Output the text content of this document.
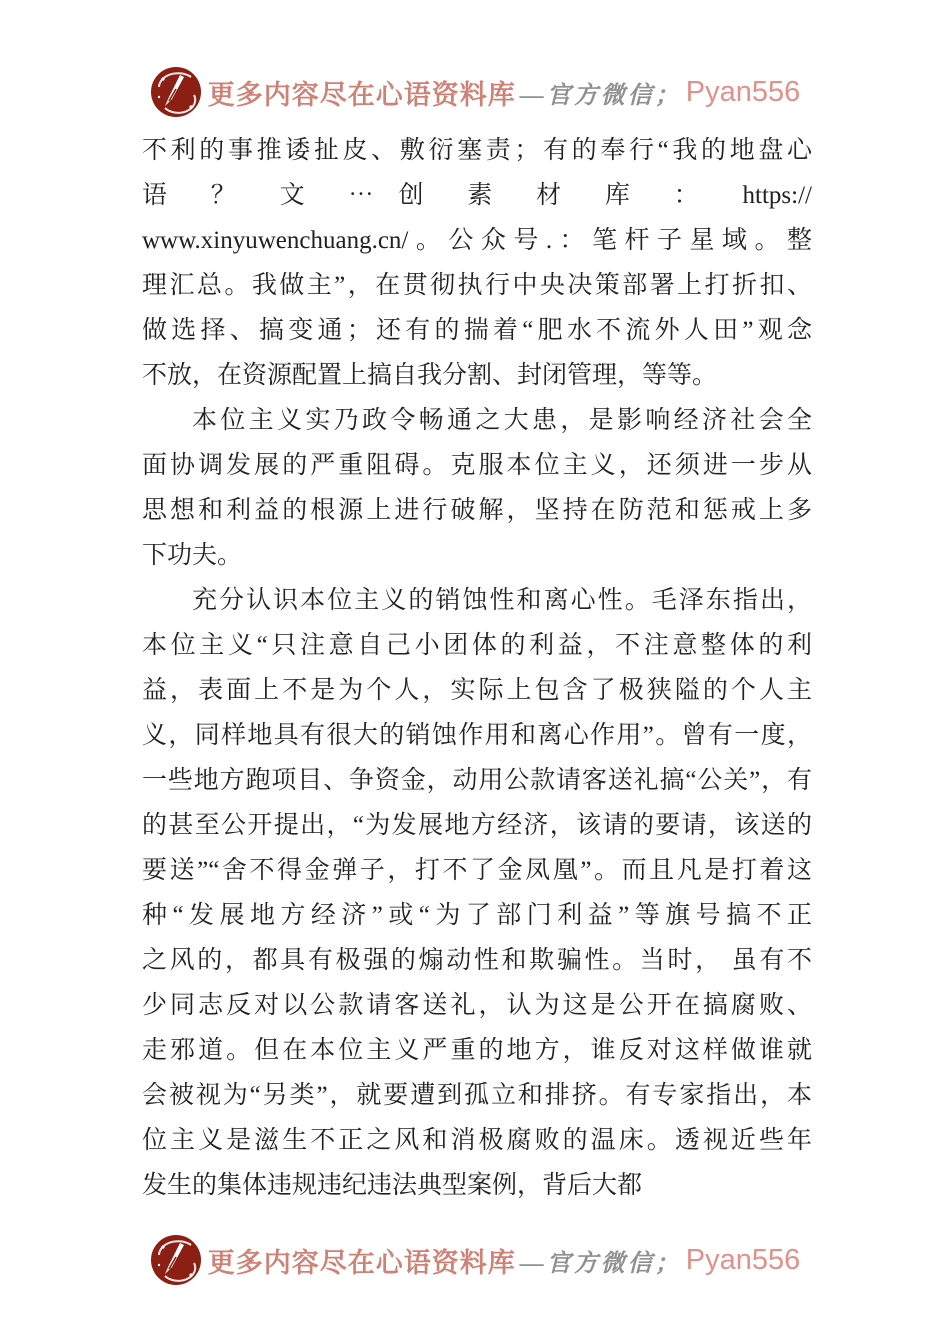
更多内容尽在心语资料库 —官方微信； Pyan556
不利的事推诿扯皮、敷衍塞责；有的奉行“我的地盘心
语 ？ 文 ⋯ 创 素 材 库 ： https://
www.xinyuwenchuang.cn/。公众号.：笔杆子星域。整
理汇总。我做主”，在贯彻执行中央决策部署上打折扣、
做选择、搞变通；还有的揣着“肥水不流外人田”观念
不放，在资源配置上搞自我分割、封闭管理，等等。
本位主义实乃政令畅通之大患，是影响经济社会全
面协调发展的严重阻碍。克服本位主义，还须进一步从
思想和利益的根源上进行破解，坚持在防范和惩戒上多
下功夫。
充分认识本位主义的销蚀性和离心性。毛泽东指出，
本位主义“只注意自己小团体的利益，不注意整体的利
益，表面上不是为个人，实际上包含了极狭隘的个人主
义，同样地具有很大的销蚀作用和离心作用”。曾有一度，
一些地方跑项目、争资金，动用公款请客送礼搞“公关”，有
的甚至公开提出，“为发展地方经济，该请的要请，该送的
要送”“舍不得金弹子，打不了金凤凰”。而且凡是打着这
种“发展地方经济”或“为了部门利益”等旗号搞不正
之风的，都具有极强的煽动性和欺骗性。当时， 虽有不
少同志反对以公款请客送礼，认为这是公开在搞腐败、
走邪道。但在本位主义严重的地方，谁反对这样做谁就
会被视为“另类”，就要遭到孤立和排挤。有专家指出，本
位主义是滋生不正之风和消极腐败的温床。透视近些年
发生的集体违规违纪违法典型案例，背后大都
更多内容尽在心语资料库 —官方微信； Pyan556
